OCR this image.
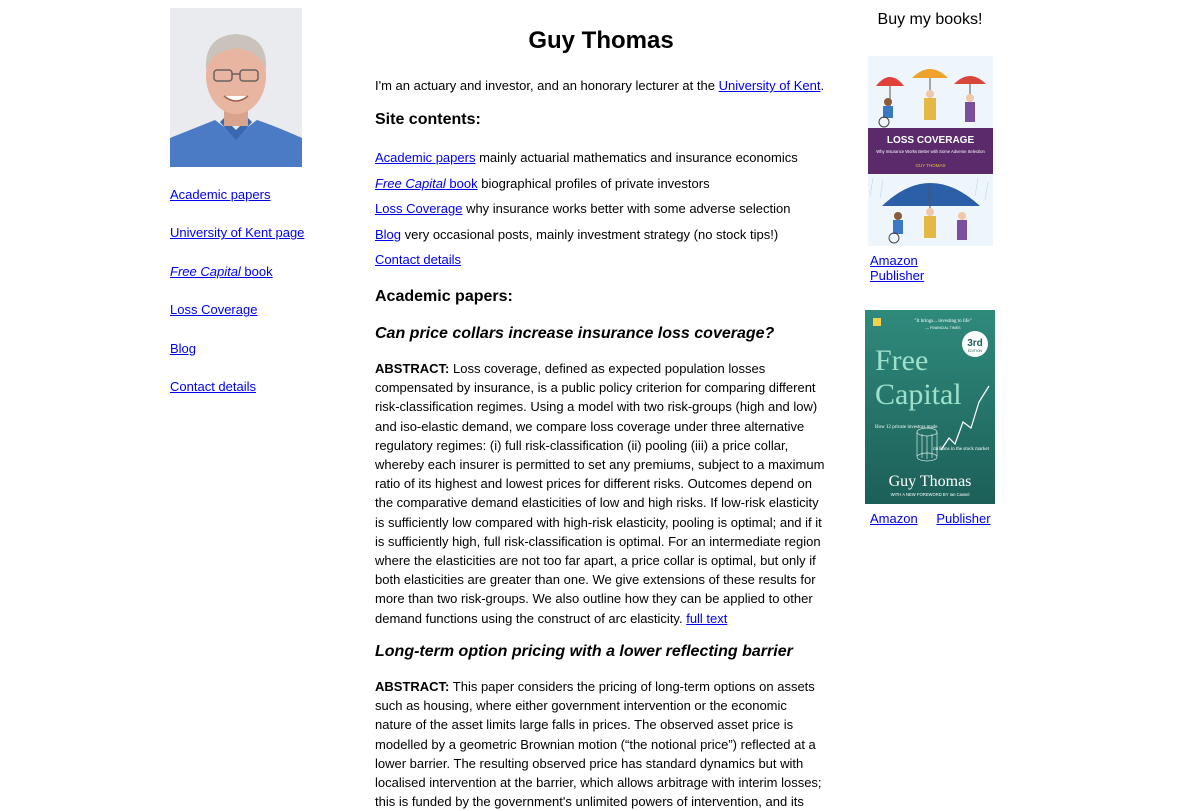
Academic papers
University of Kent page
Free Capital book
Loss Coverage
Blog
Contact details
Guy Thomas

I'm an actuary and investor, and an honorary lecturer at the University of Kent.

Site contents:
Academic papers mainly actuarial mathematics and insurance economics
Free Capital book biographical profiles of private investors
Loss Coverage why insurance works better with some adverse selection
Blog very occasional posts, mainly investment strategy (no stock tips!)
Contact details
Academic papers:
Can price collars increase insurance loss coverage?

ABSTRACT: Loss coverage, defined as expected population losses compensated by insurance, is a public policy criterion for comparing different risk-classification regimes. Using a model with two risk-groups (high and low) and iso-elastic demand, we compare loss coverage under three alternative regulatory regimes: (i) full risk-classification (ii) pooling (iii) a price collar, whereby each insurer is permitted to set any premiums, subject to a maximum ratio of its highest and lowest prices for different risks. Outcomes depend on the comparative demand elasticities of low and high risks. If low-risk elasticity is sufficiently low compared with high-risk elasticity, pooling is optimal; and if it is sufficiently high, full risk-classification is optimal. For an intermediate region where the elasticities are not too far apart, a price collar is optimal, but only if both elasticities are greater than one. We give extensions of these results for more than two risk-groups. We also outline how they can be applied to other demand functions using the construct of arc elasticity. full text

Long-term option pricing with a lower reflecting barrier

ABSTRACT: This paper considers the pricing of long-term options on assets such as housing, where either government intervention or the economic nature of the asset limits large falls in prices. The observed asset price is modelled by a geometric Brownian motion (“the notional price”) reflected at a lower barrier. The resulting observed price has standard dynamics but with localised intervention at the barrier, which allows arbitrage with interim losses; this is funded by the government's unlimited powers of intervention, and its

Buy my books!
LOSS COVERAGE
Why Insurance Works Better with Some Adverse Selection
GUY THOMAS
Amazon Publisher
"It brings... investing to life"
— FINANCIAL TIMES
3rd
EDITION
Free
Capital
How 12 private investors made
millions in the stock market
Guy Thomas
WITH A NEW FOREWORD BY Ian Cassel
Amazon Publisher
